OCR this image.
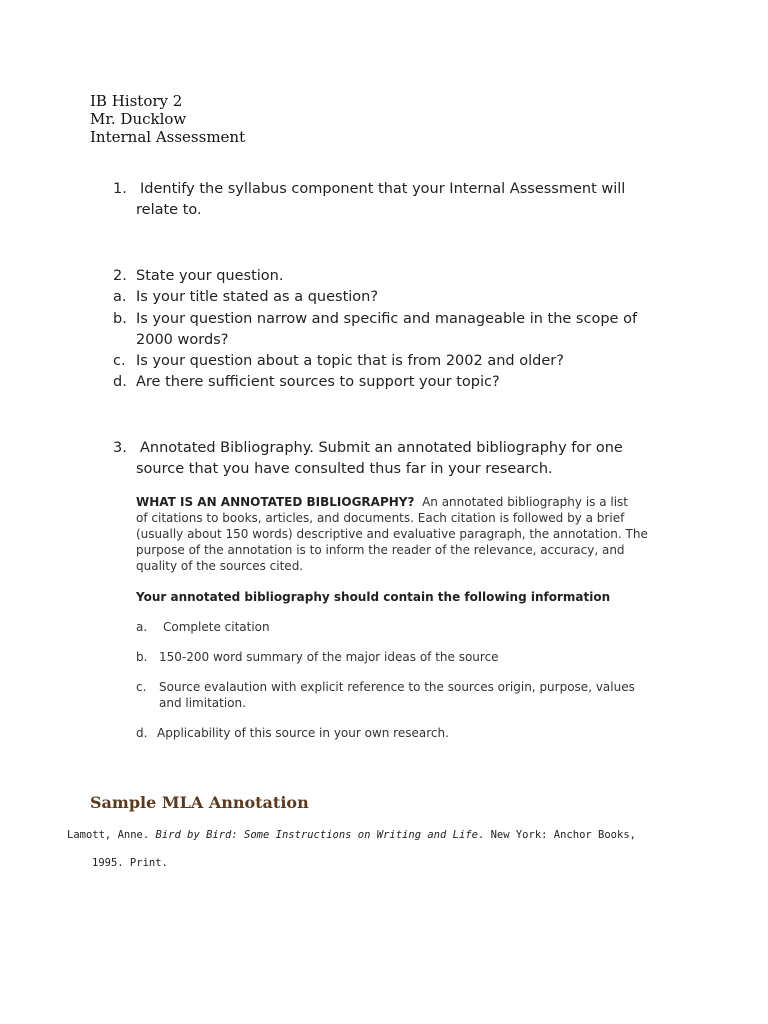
IB History 2
Mr. Ducklow
Internal Assessment
1. Identify the syllabus component that your Internal Assessment will
relate to.
2. State your question.
a. Is your title stated as a question?
b. Is your question narrow and specific and manageable in the scope of
2000 words?
c. Is your question about a topic that is from 2002 and older?
d. Are there sufficient sources to support your topic?
3. Annotated Bibliography. Submit an annotated bibliography for one
source that you have consulted thus far in your research.
WHAT IS AN ANNOTATED BIBLIOGRAPHY? An annotated bibliography is a list
of citations to books, articles, and documents. Each citation is followed by a brief
(usually about 150 words) descriptive and evaluative paragraph, the annotation. The
purpose of the annotation is to inform the reader of the relevance, accuracy, and
quality of the sources cited.
Your annotated bibliography should contain the following information
a. Complete citation
b. 150-200 word summary of the major ideas of the source
c. Source evalaution with explicit reference to the sources origin, purpose, values
and limitation.
d. Applicability of this source in your own research.
Sample MLA Annotation
Lamott, Anne. Bird by Bird: Some Instructions on Writing and Life. New York: Anchor Books,
1995. Print.
